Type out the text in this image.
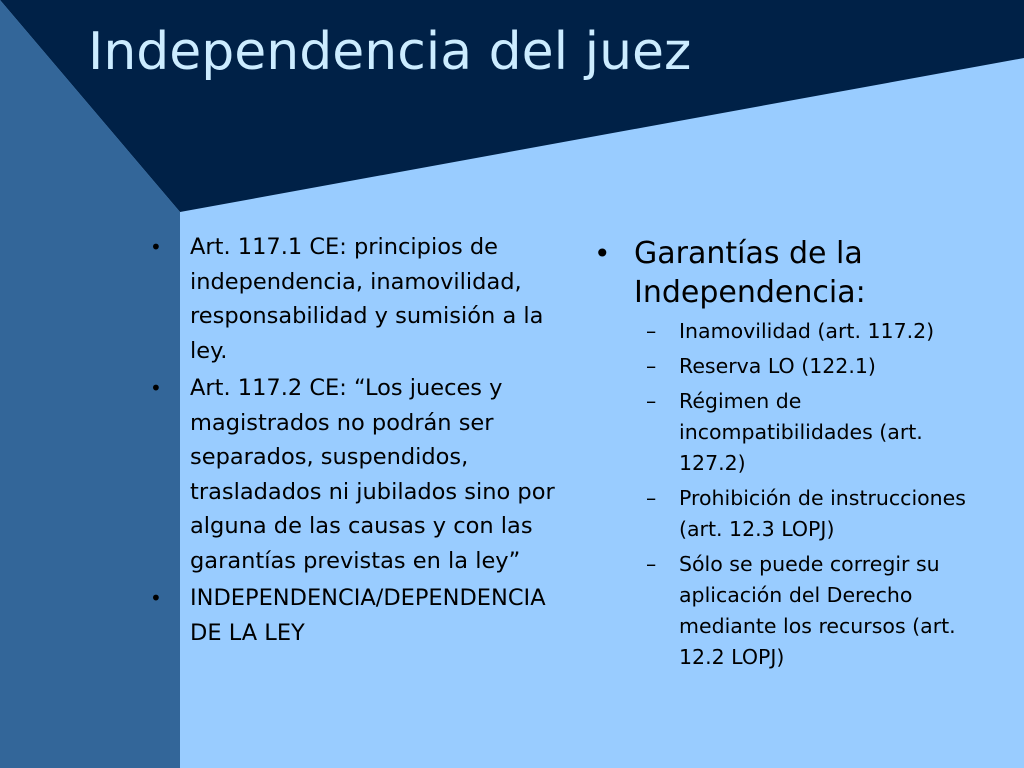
Independencia del juez
• Art. 117.1 CE: principios de independencia, inamovilidad, responsabilidad y sumisión a la ley.
• Art. 117.2 CE: “Los jueces y magistrados no podrán ser separados, suspendidos, trasladados ni jubilados sino por alguna de las causas y con las garantías previstas en la ley”
• INDEPENDENCIA/DEPENDENCIA DE LA LEY
• Garantías de la Independencia:
– Inamovilidad (art. 117.2)
– Reserva LO (122.1)
– Régimen de incompatibilidades (art. 127.2)
– Prohibición de instrucciones (art. 12.3 LOPJ)
– Sólo se puede corregir su aplicación del Derecho mediante los recursos (art. 12.2 LOPJ)
